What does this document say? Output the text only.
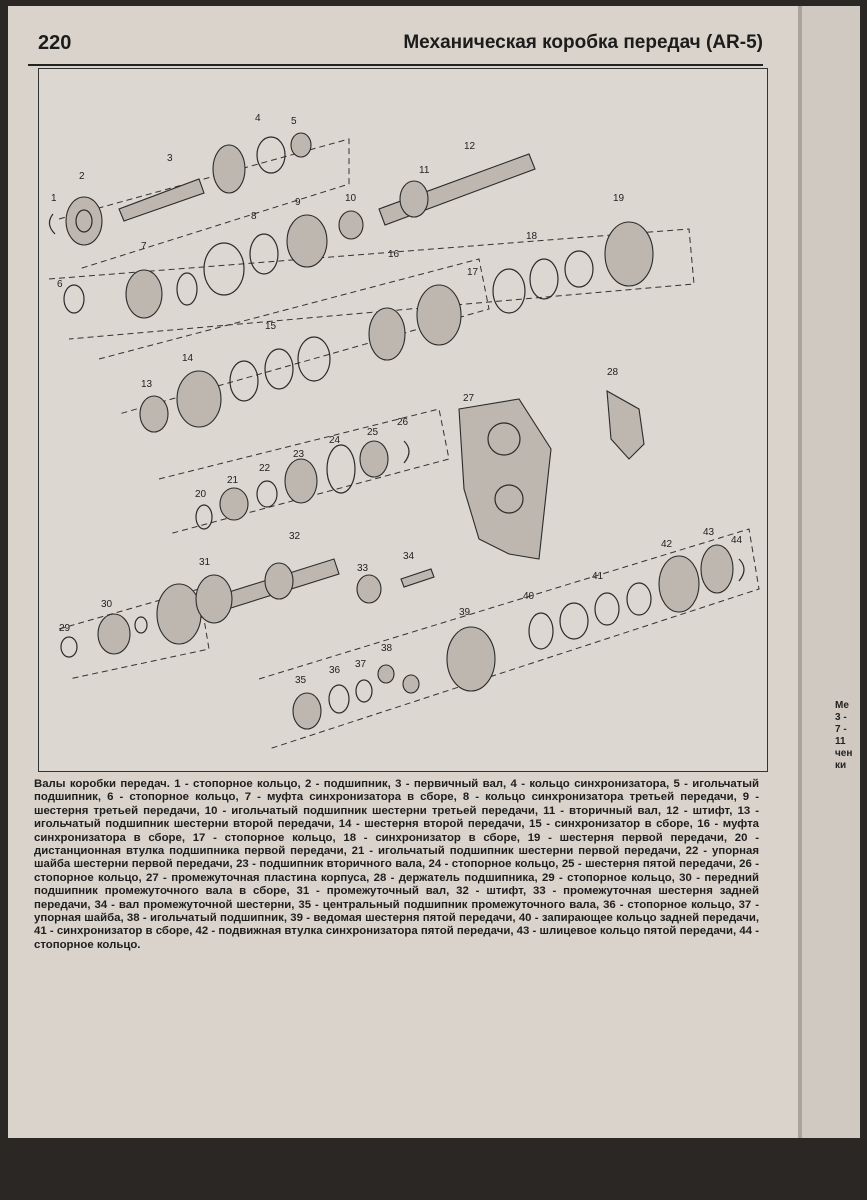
220	Механическая коробка передач (AR-5)
1
2
3
4	5
6
7
8
9	10
11
12
13
14
15
16
17
18
19
20
21
22
23
24
25
26
27
28
29
30
31
32
33
34
35
36
37
38
39
40
41
42
43
44
Валы коробки передач. 1 - стопорное кольцо, 2 - подшипник, 3 - первичный вал, 4 - кольцо синхронизатора, 5 - игольчатый подшипник, 6 - стопорное кольцо, 7 - муфта синхронизатора в сборе, 8 - кольцо синхронизатора третьей передачи, 9 - шестерня третьей передачи, 10 - игольчатый подшипник шестерни третьей передачи, 11 - вторичный вал, 12 - штифт, 13 - игольчатый подшипник шестерни второй передачи, 14 - шестерня второй передачи, 15 - синхронизатор в сборе, 16 - муфта синхронизатора в сборе, 17 - стопорное кольцо, 18 - синхронизатор в сборе, 19 - шестерня первой передачи, 20 - дистанционная втулка подшипника первой передачи, 21 - игольчатый подшипник шестерни первой передачи, 22 - упорная шайба шестерни первой передачи, 23 - подшипник вторичного вала, 24 - стопорное кольцо, 25 - шестерня пятой передачи, 26 - стопорное кольцо, 27 - промежуточная пластина корпуса, 28 - держатель подшипника, 29 - стопорное кольцо, 30 - передний подшипник промежуточного вала в сборе, 31 - промежуточный вал, 32 - штифт, 33 - промежуточная шестерня задней передачи, 34 - вал промежуточной шестерни, 35 - центральный подшипник промежуточного вала, 36 - стопорное кольцо, 37 - упорная шайба, 38 - игольчатый подшипник, 39 - ведомая шестерня пятой передачи, 40 - запирающее кольцо задней передачи, 41 - синхронизатор в сборе, 42 - подвижная втулка синхронизатора пятой передачи, 43 - шлицевое кольцо пятой передачи, 44 - стопорное кольцо.
Ме
3 -
7 -
11
чен
ки
